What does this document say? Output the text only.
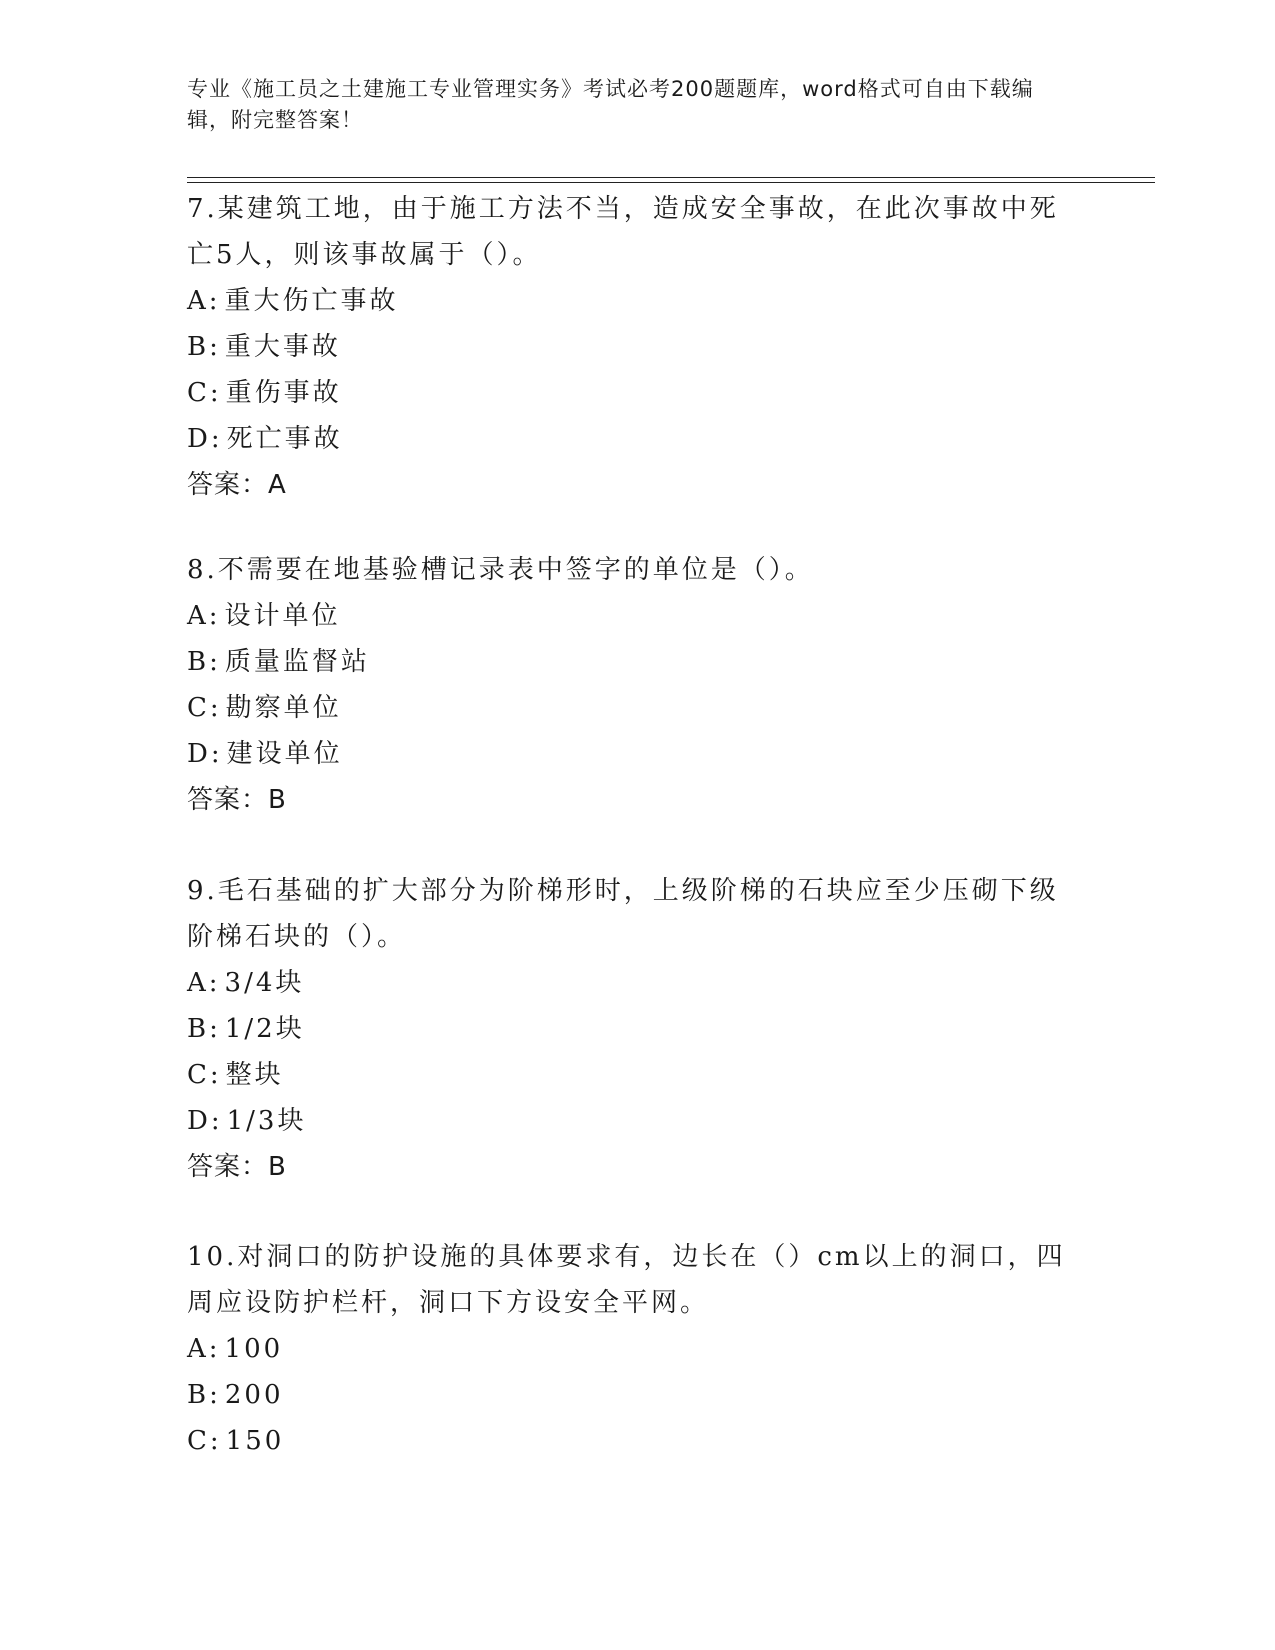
专业《施工员之土建施工专业管理实务》考试必考200题题库，word格式可自由下载编辑，附完整答案！

7.某建筑工地，由于施工方法不当，造成安全事故，在此次事故中死亡5人，则该事故属于（）。

A: 重大伤亡事故

B: 重大事故

C: 重伤事故

D: 死亡事故

答案：A

8.不需要在地基验槽记录表中签字的单位是（）。

A: 设计单位

B: 质量监督站

C: 勘察单位

D: 建设单位

答案：B

9.毛石基础的扩大部分为阶梯形时，上级阶梯的石块应至少压砌下级阶梯石块的（）。

A: 3/4块

B: 1/2块

C: 整块

D: 1/3块

答案：B

10.对洞口的防护设施的具体要求有，边长在（）cm以上的洞口，四周应设防护栏杆，洞口下方设安全平网。

A: 100

B: 200

C: 150
